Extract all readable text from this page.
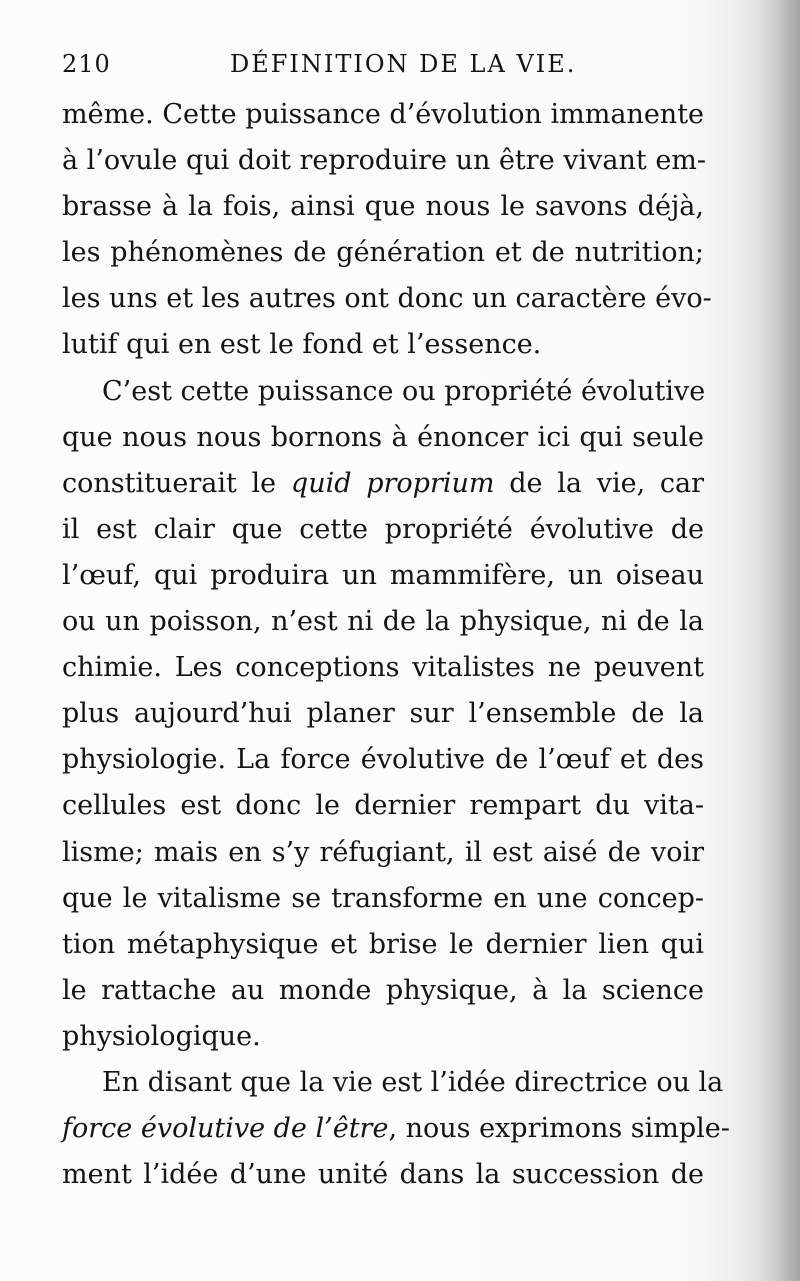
210	DÉFINITION DE LA VIE.
même. Cette puissance d’évolution immanente
à l’ovule qui doit reproduire un être vivant em-
brasse à la fois, ainsi que nous le savons déjà,
les phénomènes de génération et de nutrition;
les uns et les autres ont donc un caractère évo-
lutif qui en est le fond et l’essence.
C’est cette puissance ou propriété évolutive
que nous nous bornons à énoncer ici qui seule
constituerait le quid proprium de la vie, car
il est clair que cette propriété évolutive de
l’œuf, qui produira un mammifère, un oiseau
ou un poisson, n’est ni de la physique, ni de la
chimie. Les conceptions vitalistes ne peuvent
plus aujourd’hui planer sur l’ensemble de la
physiologie. La force évolutive de l’œuf et des
cellules est donc le dernier rempart du vita-
lisme; mais en s’y réfugiant, il est aisé de voir
que le vitalisme se transforme en une concep-
tion métaphysique et brise le dernier lien qui
le rattache au monde physique, à la science
physiologique.
En disant que la vie est l’idée directrice ou la
force évolutive de l’être, nous exprimons simple-
ment l’idée d’une unité dans la succession de
